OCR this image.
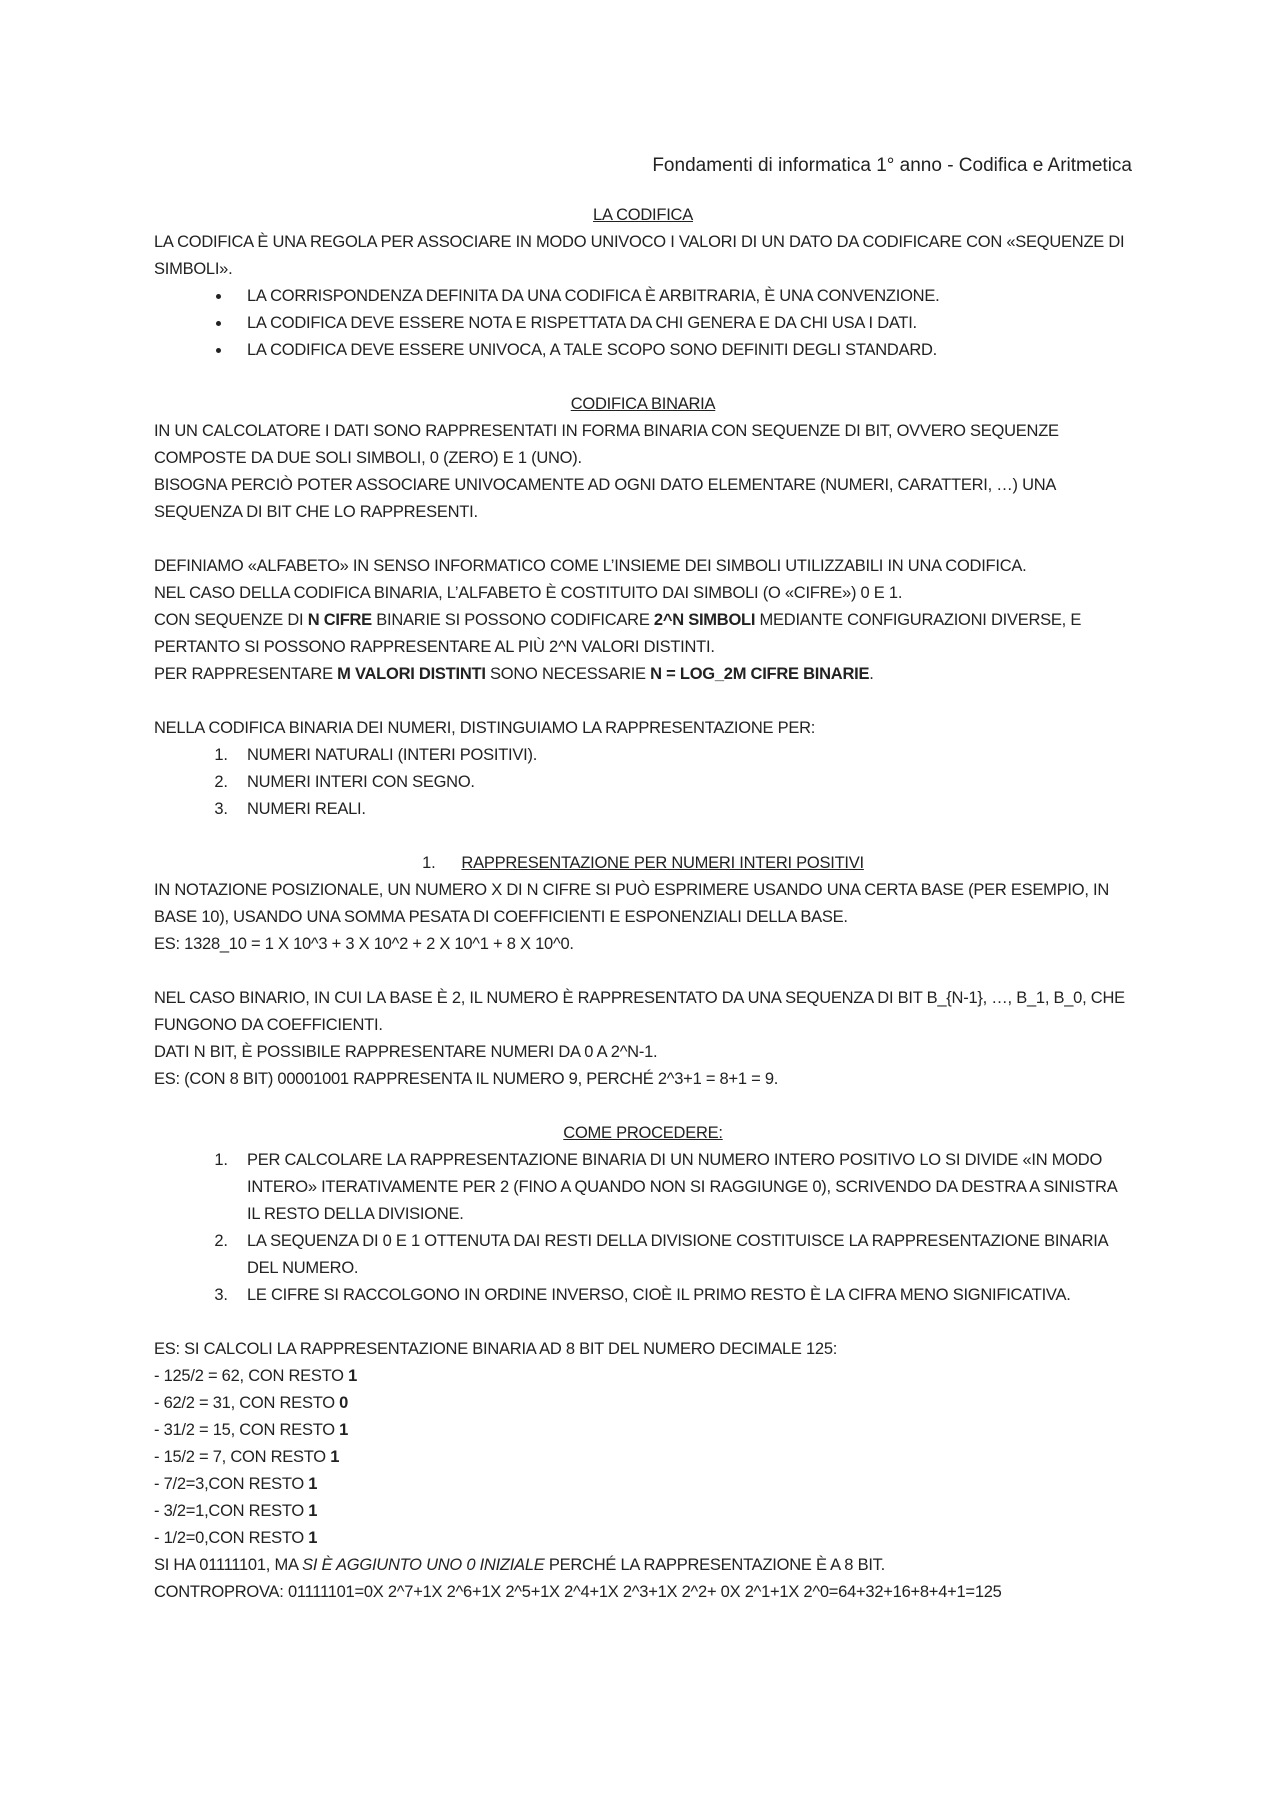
Fondamenti di informatica 1° anno - Codifica e Aritmetica

LA CODIFICA

LA CODIFICA È UNA REGOLA PER ASSOCIARE IN MODO UNIVOCO I VALORI DI UN DATO DA CODIFICARE CON «SEQUENZE DI SIMBOLI».

• LA CORRISPONDENZA DEFINITA DA UNA CODIFICA È ARBITRARIA, È UNA CONVENZIONE.
• LA CODIFICA DEVE ESSERE NOTA E RISPETTATA DA CHI GENERA E DA CHI USA I DATI.
• LA CODIFICA DEVE ESSERE UNIVOCA, A TALE SCOPO SONO DEFINITI DEGLI STANDARD.

CODIFICA BINARIA

IN UN CALCOLATORE I DATI SONO RAPPRESENTATI IN FORMA BINARIA CON SEQUENZE DI BIT, OVVERO SEQUENZE COMPOSTE DA DUE SOLI SIMBOLI, 0 (ZERO) E 1 (UNO).

BISOGNA PERCIÒ POTER ASSOCIARE UNIVOCAMENTE AD OGNI DATO ELEMENTARE (NUMERI, CARATTERI, …) UNA SEQUENZA DI BIT CHE LO RAPPRESENTI.

DEFINIAMO «ALFABETO» IN SENSO INFORMATICO COME L’INSIEME DEI SIMBOLI UTILIZZABILI IN UNA CODIFICA.

NEL CASO DELLA CODIFICA BINARIA, L’ALFABETO È COSTITUITO DAI SIMBOLI (O «CIFRE») 0 E 1.

CON SEQUENZE DI N CIFRE BINARIE SI POSSONO CODIFICARE 2^N SIMBOLI MEDIANTE CONFIGURAZIONI DIVERSE, E PERTANTO SI POSSONO RAPPRESENTARE AL PIÙ 2^N VALORI DISTINTI.

PER RAPPRESENTARE M VALORI DISTINTI SONO NECESSARIE N = LOG_2M CIFRE BINARIE.

NELLA CODIFICA BINARIA DEI NUMERI, DISTINGUIAMO LA RAPPRESENTAZIONE PER:

1. NUMERI NATURALI (INTERI POSITIVI).
2. NUMERI INTERI CON SEGNO.
3. NUMERI REALI.

1. RAPPRESENTAZIONE PER NUMERI INTERI POSITIVI

IN NOTAZIONE POSIZIONALE, UN NUMERO X DI N CIFRE SI PUÒ ESPRIMERE USANDO UNA CERTA BASE (PER ESEMPIO, IN BASE 10), USANDO UNA SOMMA PESATA DI COEFFICIENTI E ESPONENZIALI DELLA BASE.

ES: 1328_10 = 1 X 10^3 + 3 X 10^2 + 2 X 10^1 + 8 X 10^0.

NEL CASO BINARIO, IN CUI LA BASE È 2, IL NUMERO È RAPPRESENTATO DA UNA SEQUENZA DI BIT B_{N-1}, …, B_1, B_0, CHE FUNGONO DA COEFFICIENTI.

DATI N BIT, È POSSIBILE RAPPRESENTARE NUMERI DA 0 A 2^N-1.

ES: (CON 8 BIT) 00001001 RAPPRESENTA IL NUMERO 9, PERCHÉ 2^3+1 = 8+1 = 9.

COME PROCEDERE:

1. PER CALCOLARE LA RAPPRESENTAZIONE BINARIA DI UN NUMERO INTERO POSITIVO LO SI DIVIDE «IN MODO INTERO» ITERATIVAMENTE PER 2 (FINO A QUANDO NON SI RAGGIUNGE 0), SCRIVENDO DA DESTRA A SINISTRA IL RESTO DELLA DIVISIONE.
2. LA SEQUENZA DI 0 E 1 OTTENUTA DAI RESTI DELLA DIVISIONE COSTITUISCE LA RAPPRESENTAZIONE BINARIA DEL NUMERO.
3. LE CIFRE SI RACCOLGONO IN ORDINE INVERSO, CIOÈ IL PRIMO RESTO È LA CIFRA MENO SIGNIFICATIVA.

ES: SI CALCOLI LA RAPPRESENTAZIONE BINARIA AD 8 BIT DEL NUMERO DECIMALE 125:

- 125/2 = 62, CON RESTO 1

- 62/2 = 31, CON RESTO 0

- 31/2 = 15, CON RESTO 1

- 15/2 = 7, CON RESTO 1

- 7/2=3,CON RESTO 1

- 3/2=1,CON RESTO 1

- 1/2=0,CON RESTO 1

SI HA 01111101, MA SI È AGGIUNTO UNO 0 INIZIALE PERCHÉ LA RAPPRESENTAZIONE È A 8 BIT.

CONTROPROVA: 01111101=0X 2^7+1X 2^6+1X 2^5+1X 2^4+1X 2^3+1X 2^2+ 0X 2^1+1X 2^0=64+32+16+8+4+1=125
